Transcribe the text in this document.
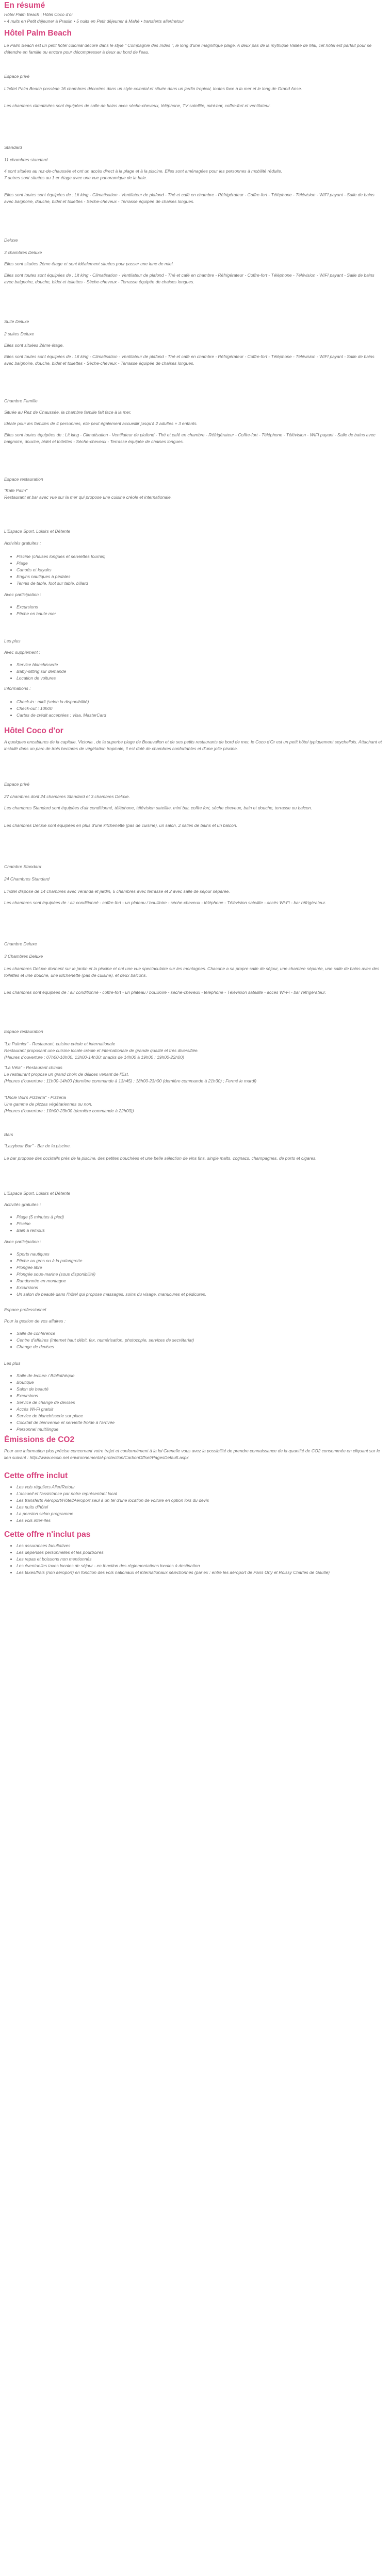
En résumé

Hôtel Palm Beach | Hôtel Coco d'or
• 4 nuits en Petit déjeuner à Praslin • 5 nuits en Petit déjeuner à Mahé • transferts aller/retour

Hôtel Palm Beach

Le Palm Beach est un petit hôtel colonial décoré dans le style " Compagnie des Indes ", le long d'une magnifique plage. A deux pas de la mythique Vallée de Mai, cet hôtel est parfait pour se détendre en famille ou encore pour décompresser à deux au bord de l'eau.

Espace privé

L'hôtel Palm Beach possède 16 chambres décorées dans un style colonial et située dans un jardin tropical, toutes face à la mer et le long de Grand Anse.

Les chambres climatisées sont équipées de salle de bains avec sèche-cheveux, téléphone, TV satellite, mini-bar, coffre-fort et ventilateur.

Standard

11 chambres standard

4 sont situées au rez-de-chaussée et ont un accès direct à la plage et à la piscine. Elles sont aménagées pour les personnes à mobilité réduite.

7 autres sont situées au 1 er étage avec une vue panoramique de la baie.

Elles sont toutes sont équipées de : Lit king - Climatisation - Ventilateur de plafond - Thé et café en chambre - Réfrigérateur - Coffre-fort - Téléphone - Télévision - WIFI payant - Salle de bains avec baignoire, douche, bidet et toilettes - Sèche-cheveux - Terrasse équipée de chaises longues.

Deluxe

3 chambres Deluxe

Elles sont situées 2ème étage et sont idéalement situées pour passer une lune de miel.

Elles sont toutes sont équipées de : Lit king - Climatisation - Ventilateur de plafond - Thé et café en chambre - Réfrigérateur - Coffre-fort - Téléphone - Télévision - WIFI payant - Salle de bains avec baignoire, douche, bidet et toilettes - Sèche-cheveux - Terrasse équipée de chaises longues.

Suite Deluxe

2 suites Deluxe

Elles sont situées 2ème étage.

Elles sont toutes sont équipées de : Lit king - Climatisation - Ventilateur de plafond - Thé et café en chambre - Réfrigérateur - Coffre-fort - Téléphone - Télévision - WIFI payant - Salle de bains avec baignoire, douche, bidet et toilettes - Sèche-cheveux - Terrasse équipée de chaises longues.

Chambre Famille

Située au Rez de Chaussée, la chambre famille fait face à la mer.

Idéale pour les familles de 4 personnes, elle peut également accueillir jusqu'à 2 adultes + 3 enfants.

Elles sont toutes équipées de : Lit king - Climatisation - Ventilateur de plafond - Thé et café en chambre - Réfrigérateur - Coffre-fort - Téléphone - Télévision - WIFI payant - Salle de bains avec baignoire, douche, bidet et toilettes - Sèche-cheveux - Terrasse équipée de chaises longues.

Espace restauration

"Kafe Palm"

Restaurant et bar avec vue sur la mer qui propose une cuisine créole et internationale.

L'Espace Sport, Loisirs et Détente

Activités gratuites :

• Piscine (chaises longues et serviettes fournis)
• Plage
• Canoës et kayaks
• Engins nautiques à pédales
• Tennis de table, foot sur table, billard

Avec participation :

• Excursions
• Pêche en haute mer

Les plus

Avec supplément :

• Service blanchisserie
• Baby-sitting sur demande
• Location de voitures

Informations :

• Check-in : midi (selon la disponibilité)
• Check-out : 10h00
• Cartes de crédit acceptées : Visa, MasterCard

Hôtel Coco d'or

A quelques encablures de la capitale, Victoria , de la superbe plage de Beauvallon et de ses petits restaurants de bord de mer, le Coco d'Or est un petit hôtel typiquement seychellois. Attachant et installé dans un parc de trois hectares de végétation tropicale, il est doté de chambres confortables et d'une jolie piscine.

Espace privé

27 chambres dont 24 chambres Standard et 3 chambres Deluxe.

Les chambres Standard sont équipées d'air conditionné, téléphone, télévision satellite, mini bar, coffre fort, sèche cheveux, bain et douche, terrasse ou balcon.

Les chambres Deluxe sont équipées en plus d'une kitchenette (pas de cuisine), un salon, 2 salles de bains et un balcon.

Chambre Standard

24 Chambres Standard

L'hôtel dispose de 14 chambres avec véranda et jardin, 6 chambres avec terrasse et 2 avec salle de séjour séparée.

Les chambres sont équipées de : air conditionné - coffre-fort - un plateau / bouilloire - sèche-cheveux - téléphone - Télévision satellite - accès Wi-Fi - bar réfrigérateur.

Chambre Deluxe

3 Chambres Deluxe

Les chambres Deluxe donnent sur le jardin et la piscine et ont une vue spectaculaire sur les montagnes. Chacune a sa propre salle de séjour, une chambre séparée, une salle de bains avec des toilettes et une douche, une kitchenette (pas de cuisine), et deux balcons.

Les chambres sont équipées de : air conditionné - coffre-fort - un plateau / bouilloire - sèche-cheveux - téléphone - Télévision satellite - accès Wi-Fi - bar réfrigérateur.

Espace restauration

"Le Palmier" - Restaurant, cuisine créole et internationale

Restaurant proposant une cuisine locale créole et internationale de grande qualité et très diversifiée.

(Heures d'ouverture : 07h00-10h00, 13h00-14h30; snacks de 14h00 à 19h00 ; 19h00-22h00)

"La Véla" - Restaurant chinois

Le restaurant propose un grand choix de délices venant de l'Est.

(Heures d'ouverture : 11h00-14h00 (dernière commande à 13h45) ; 18h00-23h00 (dernière commande à 21h30) ; Fermé le mardi)

"Uncle Will's Pizzeria" - Pizzeria

Une gamme de pizzas végétariennes ou non.

(Heures d'ouverture : 10h00-23h00 (dernière commande à 22h00))

Bars

"Lazybear Bar" - Bar de la piscine.

Le bar propose des cocktails près de la piscine, des petites bouchées et une belle sélection de vins fins, single malts, cognacs, champagnes, de porto et cigares.

L'Espace Sport, Loisirs et Détente

Activités gratuites :

• Plage (5 minutes à pied)
• Piscine
• Bain à remous

Avec participation :

• Sports nautiques
• Pêche au gros ou à la palangrotte
• Plongée libre
• Plongée sous-marine (sous disponibilité)
• Randonnée en montagne
• Excursions
• Un salon de beauté dans l'hôtel qui propose massages, soins du visage, manucures et pédicures.

Espace professionnel

Pour la gestion de vos affaires :

• Salle de conférence
• Centre d'affaires (Internet haut débit, fax, numérisation, photocopie, services de secrétariat)
• Change de devises

Les plus

• Salle de lecture / Bibliothèque
• Boutique
• Salon de beauté
• Excursions
• Service de change de devises
• Accès Wi-Fi gratuit
• Service de blanchisserie sur place
• Cocktail de bienvenue et serviette froide à l'arrivée
• Personnel multilingue

Émissions de CO2

Pour une information plus précise concernant votre trajet et conformément à la loi Grenelle vous avez la possibilité de prendre connaissance de la quantité de CO2 consommée en cliquant sur le lien suivant : http://www.ecolo.net environnemental-protection/CarbonOffset/PagesDefault.aspx

Cette offre inclut

• Les vols réguliers Aller/Retour
• L'accueil et l'assistance par notre représentant local
• Les transferts Aéroport/Hôtel/Aéroport seul à un tel d'une location de voiture en option lors du devis
• Les nuits d'hôtel
• La pension selon programme
• Les vols inter-îles

Cette offre n'inclut pas

• Les assurances facultatives
• Les dépenses personnelles et les pourboires
• Les repas et boissons non mentionnés
• Les éventuelles taxes locales de séjour - en fonction des réglementations locales à destination
• Les taxes/frais (non aéroport) en fonction des vols nationaux et internationaux sélectionnés (par ex : entre les aéroport de Paris Orly et Roissy Charles de Gaulle)
